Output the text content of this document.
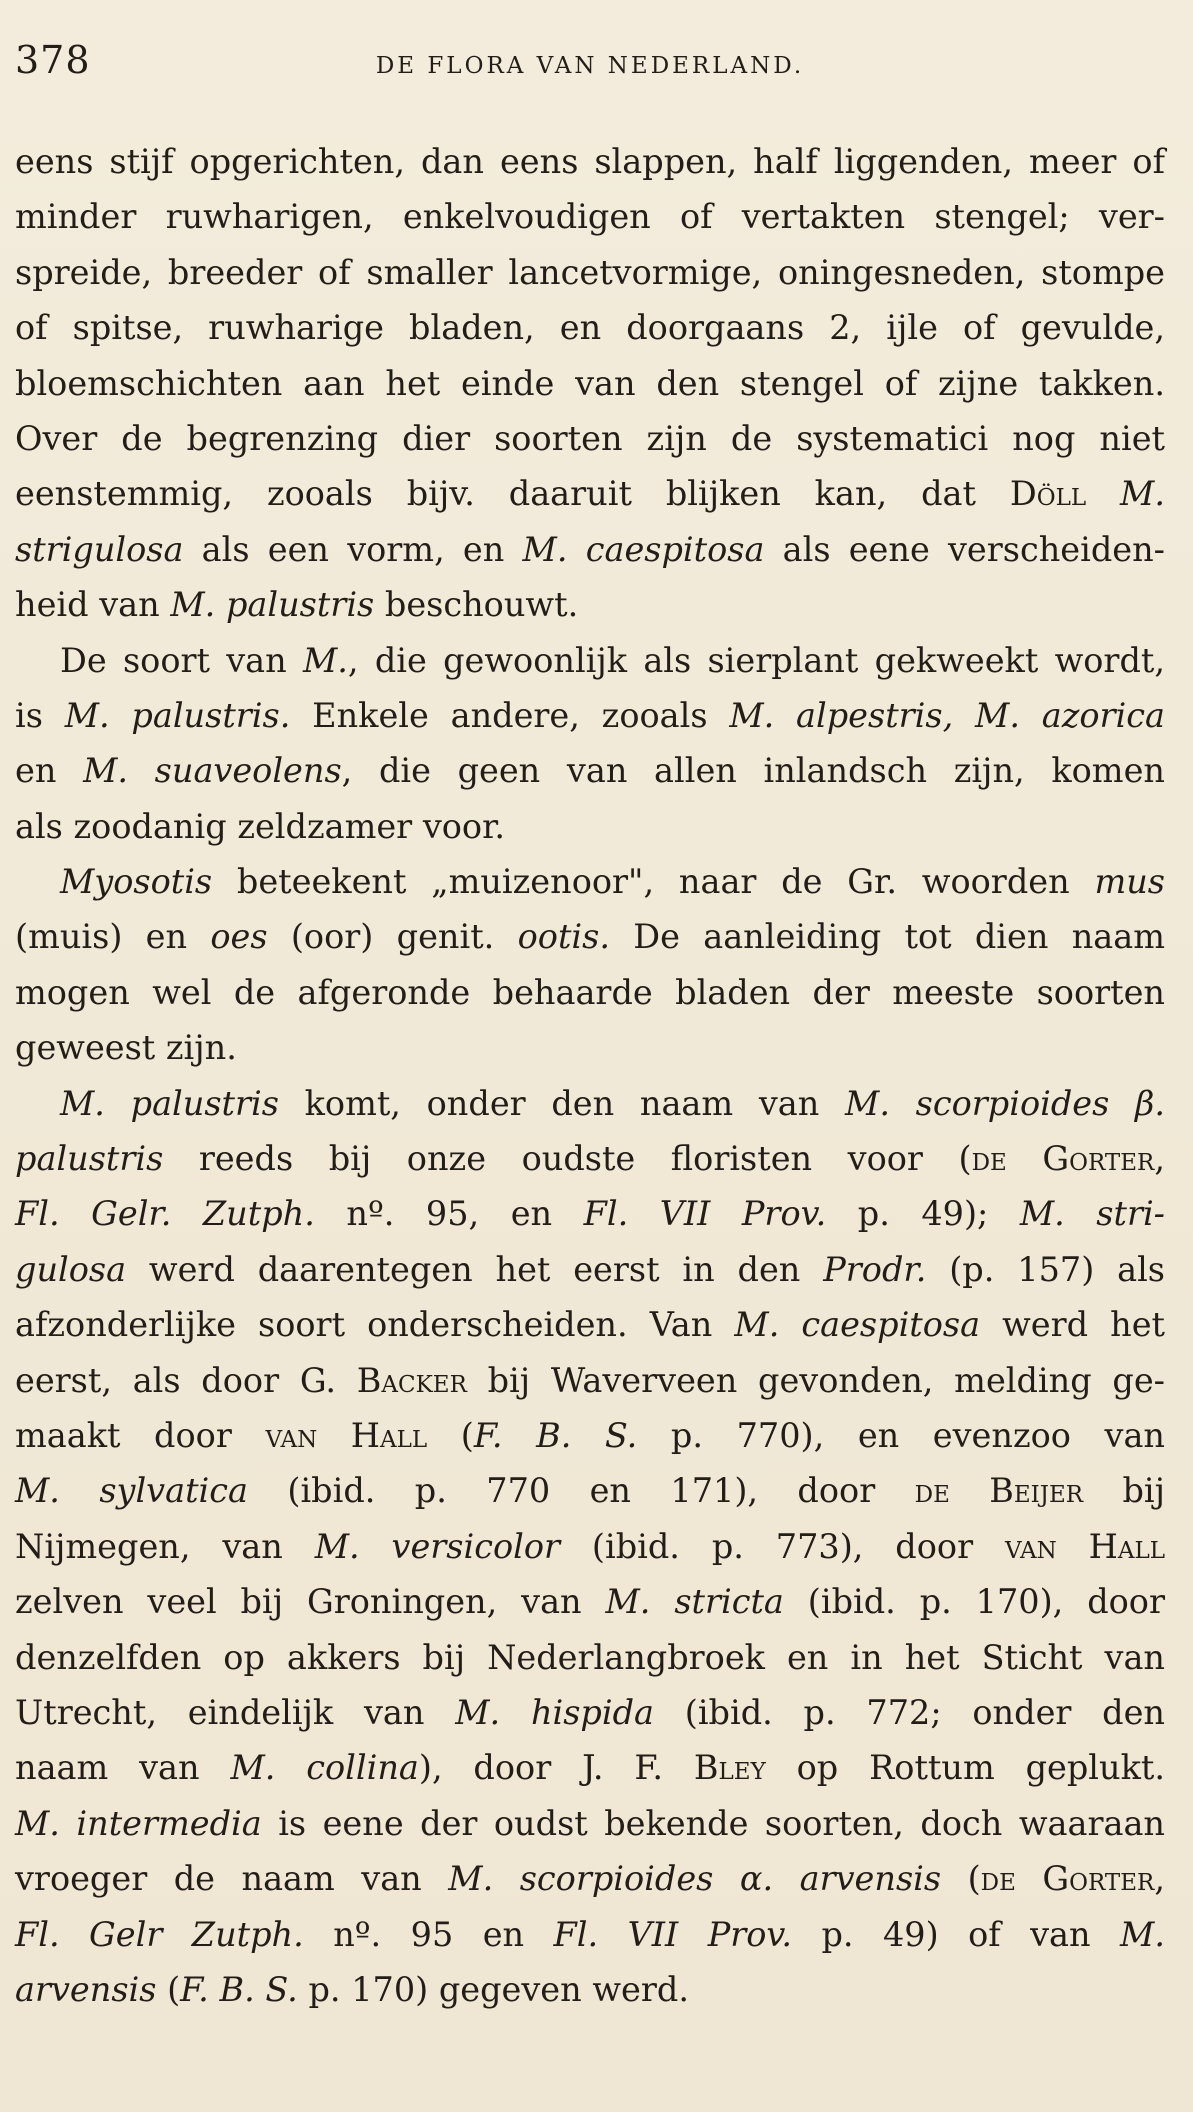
378	DE FLORA VAN NEDERLAND.
eens stijf opgerichten, dan eens slappen, half liggenden, meer of
minder ruwharigen, enkelvoudigen of vertakten stengel; ver-
spreide, breeder of smaller lancetvormige, oningesneden, stompe
of spitse, ruwharige bladen, en doorgaans 2, ijle of gevulde,
bloemschichten aan het einde van den stengel of zijne takken.
Over de begrenzing dier soorten zijn de systematici nog niet
eenstemmig, zooals bijv. daaruit blijken kan, dat Döll M.
strigulosa als een vorm, en M. caespitosa als eene verscheiden-
heid van M. palustris beschouwt.
De soort van M., die gewoonlijk als sierplant gekweekt wordt,
is M. palustris. Enkele andere, zooals M. alpestris, M. azorica
en M. suaveolens, die geen van allen inlandsch zijn, komen
als zoodanig zeldzamer voor.
Myosotis beteekent „muizenoor", naar de Gr. woorden mus
(muis) en oes (oor) genit. ootis. De aanleiding tot dien naam
mogen wel de afgeronde behaarde bladen der meeste soorten
geweest zijn.
M. palustris komt, onder den naam van M. scorpioides β.
palustris reeds bij onze oudste floristen voor (de Gorter,
Fl. Gelr. Zutph. nº. 95, en Fl. VII Prov. p. 49); M. stri-
gulosa werd daarentegen het eerst in den Prodr. (p. 157) als
afzonderlijke soort onderscheiden. Van M. caespitosa werd het
eerst, als door G. Backer bij Waverveen gevonden, melding ge-
maakt door van Hall (F. B. S. p. 770), en evenzoo van
M. sylvatica (ibid. p. 770 en 171), door de Beijer bij
Nijmegen, van M. versicolor (ibid. p. 773), door van Hall
zelven veel bij Groningen, van M. stricta (ibid. p. 170), door
denzelfden op akkers bij Nederlangbroek en in het Sticht van
Utrecht, eindelijk van M. hispida (ibid. p. 772; onder den
naam van M. collina), door J. F. Bley op Rottum geplukt.
M. intermedia is eene der oudst bekende soorten, doch waaraan
vroeger de naam van M. scorpioides α. arvensis (de Gorter,
Fl. Gelr Zutph. nº. 95 en Fl. VII Prov. p. 49) of van M.
arvensis (F. B. S. p. 170) gegeven werd.
